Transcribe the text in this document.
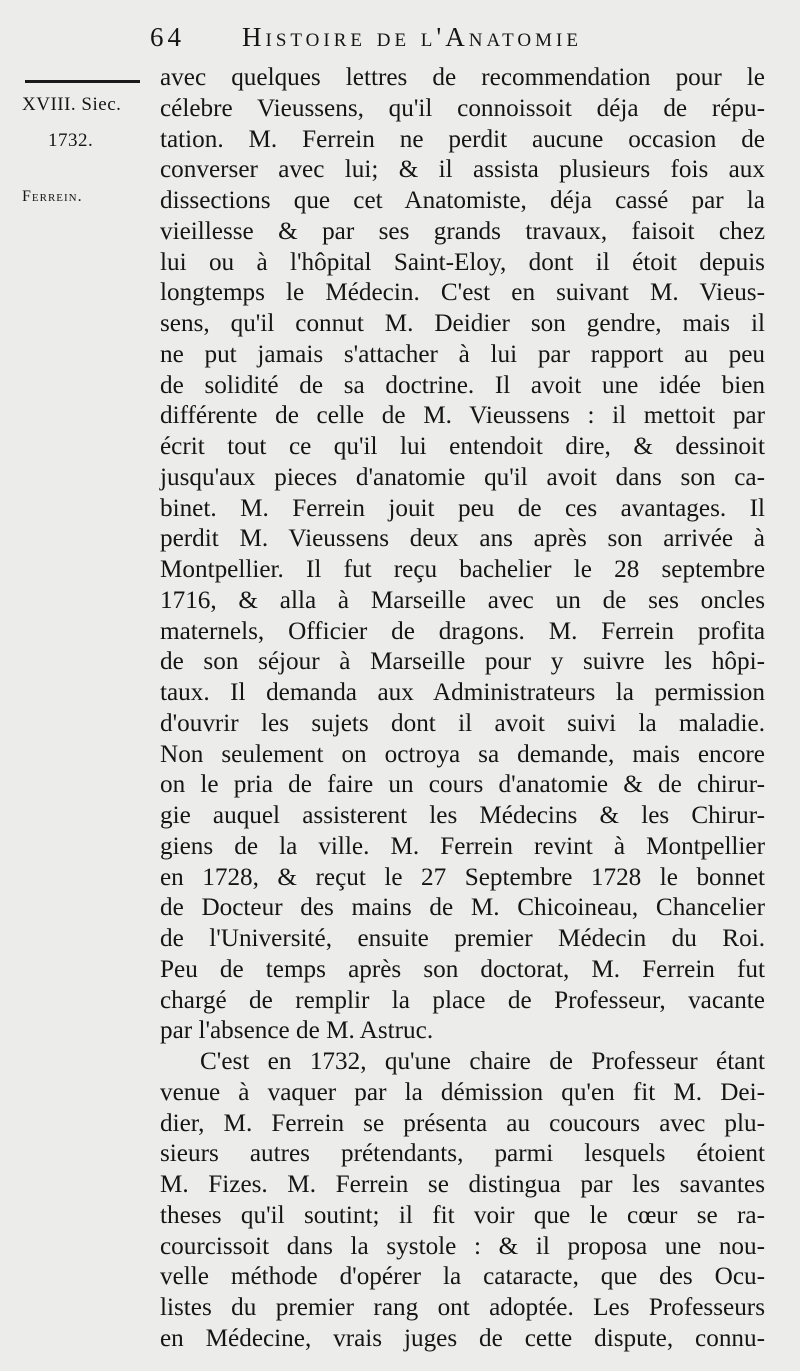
64 Histoire de l'Anatomie
XVIII. Siec.
1732.
Ferrein.
avec quelques lettres de recommendation pour le
célebre Vieussens, qu'il connoissoit déja de répu-
tation. M. Ferrein ne perdit aucune occasion de
converser avec lui; & il assista plusieurs fois aux
dissections que cet Anatomiste, déja cassé par la
vieillesse & par ses grands travaux, faisoit chez
lui ou à l'hôpital Saint-Eloy, dont il étoit depuis
longtemps le Médecin. C'est en suivant M. Vieus-
sens, qu'il connut M. Deidier son gendre, mais il
ne put jamais s'attacher à lui par rapport au peu
de solidité de sa doctrine. Il avoit une idée bien
différente de celle de M. Vieussens : il mettoit par
écrit tout ce qu'il lui entendoit dire, & dessinoit
jusqu'aux pieces d'anatomie qu'il avoit dans son ca-
binet. M. Ferrein jouit peu de ces avantages. Il
perdit M. Vieussens deux ans après son arrivée à
Montpellier. Il fut reçu bachelier le 28 septembre
1716, & alla à Marseille avec un de ses oncles
maternels, Officier de dragons. M. Ferrein profita
de son séjour à Marseille pour y suivre les hôpi-
taux. Il demanda aux Administrateurs la permission
d'ouvrir les sujets dont il avoit suivi la maladie.
Non seulement on octroya sa demande, mais encore
on le pria de faire un cours d'anatomie & de chirur-
gie auquel assisterent les Médecins & les Chirur-
giens de la ville. M. Ferrein revint à Montpellier
en 1728, & reçut le 27 Septembre 1728 le bonnet
de Docteur des mains de M. Chicoineau, Chancelier
de l'Université, ensuite premier Médecin du Roi.
Peu de temps après son doctorat, M. Ferrein fut
chargé de remplir la place de Professeur, vacante
par l'absence de M. Astruc.
C'est en 1732, qu'une chaire de Professeur étant
venue à vaquer par la démission qu'en fit M. Dei-
dier, M. Ferrein se présenta au coucours avec plu-
sieurs autres prétendants, parmi lesquels étoient
M. Fizes. M. Ferrein se distingua par les savantes
theses qu'il soutint; il fit voir que le cœur se ra-
courcissoit dans la systole : & il proposa une nou-
velle méthode d'opérer la cataracte, que des Ocu-
listes du premier rang ont adoptée. Les Professeurs
en Médecine, vrais juges de cette dispute, connu-
